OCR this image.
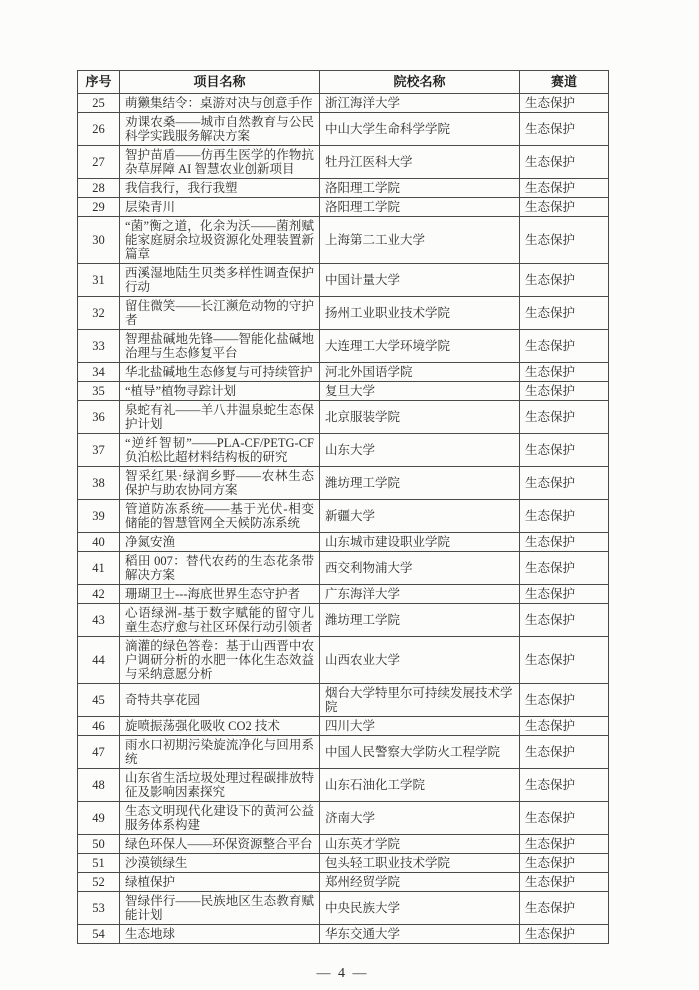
序号	项目名称	院校名称	赛道
25	萌獭集结令：桌游对决与创意手作	浙江海洋大学	生态保护
26	劝课农桑——城市自然教育与公民科学实践服务解决方案	中山大学生命科学学院	生态保护
27	智护苗盾——仿再生医学的作物抗杂草屏障 AI 智慧农业创新项目	牡丹江医科大学	生态保护
28	我信我行，我行我塑	洛阳理工学院	生态保护
29	层染青川	洛阳理工学院	生态保护
30	“菌”衡之道，化余为沃——菌剂赋能家庭厨余垃圾资源化处理装置新篇章	上海第二工业大学	生态保护
31	西溪湿地陆生贝类多样性调查保护行动	中国计量大学	生态保护
32	留住微笑——长江濒危动物的守护者	扬州工业职业技术学院	生态保护
33	智理盐碱地先锋——智能化盐碱地治理与生态修复平台	大连理工大学环境学院	生态保护
34	华北盐碱地生态修复与可持续管护	河北外国语学院	生态保护
35	“植导”植物寻踪计划	复旦大学	生态保护
36	泉蛇有礼——羊八井温泉蛇生态保护计划	北京服装学院	生态保护
37	“逆纤智韧”——PLA-CF/PETG-CF负泊松比超材料结构板的研究	山东大学	生态保护
38	智采红果·绿润乡野——农林生态保护与助农协同方案	潍坊理工学院	生态保护
39	管道防冻系统——基于光伏-相变储能的智慧管网全天候防冻系统	新疆大学	生态保护
40	净氮安渔	山东城市建设职业学院	生态保护
41	稻田 007：替代农药的生态花条带解决方案	西交利物浦大学	生态保护
42	珊瑚卫士---海底世界生态守护者	广东海洋大学	生态保护
43	心语绿洲-基于数字赋能的留守儿童生态疗愈与社区环保行动引领者	潍坊理工学院	生态保护
44	滴灌的绿色答卷：基于山西晋中农户调研分析的水肥一体化生态效益与采纳意愿分析	山西农业大学	生态保护
45	奇特共享花园	烟台大学特里尔可持续发展技术学院	生态保护
46	旋喷振荡强化吸收 CO2 技术	四川大学	生态保护
47	雨水口初期污染旋流净化与回用系统	中国人民警察大学防火工程学院	生态保护
48	山东省生活垃圾处理过程碳排放特征及影响因素探究	山东石油化工学院	生态保护
49	生态文明现代化建设下的黄河公益服务体系构建	济南大学	生态保护
50	绿色环保人——环保资源整合平台	山东英才学院	生态保护
51	沙漠锁绿生	包头轻工职业技术学院	生态保护
52	绿植保护	郑州经贸学院	生态保护
53	智绿伴行——民族地区生态教育赋能计划	中央民族大学	生态保护
54	生态地球	华东交通大学	生态保护
— 4 —
